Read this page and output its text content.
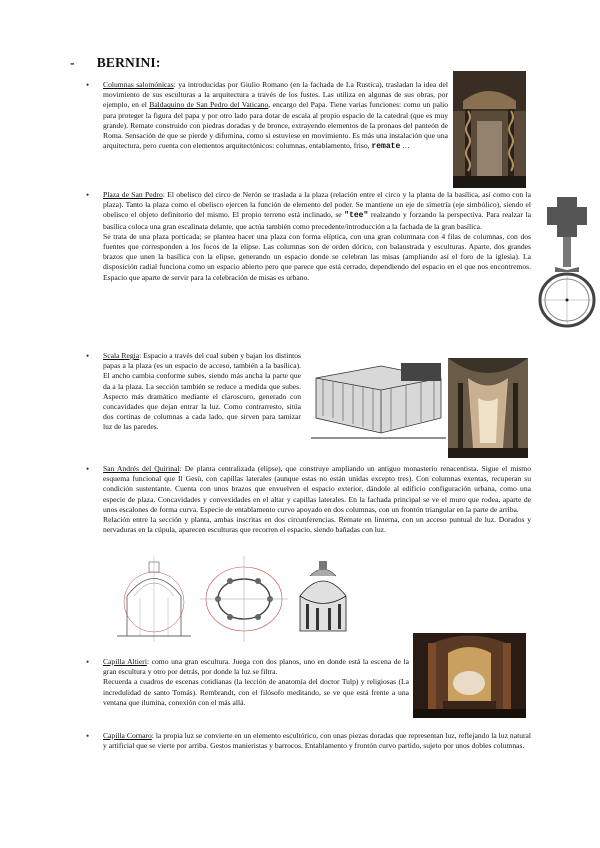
- BERNINI:
• Columnas salomónicas: ya introducidas por Giulio Romano (en la fachada de La Rustica), trasladan la idea del movimiento de sus esculturas a la arquitectura a través de los fustes. Las utiliza en algunas de sus obras, por ejemplo, en el Baldaquino de San Pedro del Vaticano, encargo del Papa. Tiene varias funciones: como un palio para proteger la figura del papa y por otro lado para dotar de escala al propio espacio de la catedral (que es muy grande). Remate construido con piedras doradas y de bronce, extrayendo elementos de la pronaos del panteón de Roma. Sensación de que se pierde y difumina, como si estuviese en movimiento. Es más una instalación que una arquitectura, pero cuenta con elementos arquitectónicos: columnas, entablamento, friso, remate …

• Plaza de San Pedro: El obelisco del circo de Nerón se traslada a la plaza (relación entre el circo y la planta de la basílica, así como con la plaza). Tanto la plaza como el obelisco ejercen la función de elemento del poder. Se mantiene un eje de simetría (eje simbólico), siendo el obelisco el objeto definitorio del mismo. El propio terreno está inclinado, se "tee" realzando y forzando la perspectiva. Para realzar la basílica coloca una gran escalinata delante, que actúa también como precedente/introducción a la fachada de la gran basílica.

Se trata de una plaza porticada; se plantea hacer una plaza con forma elíptica, con una gran columnata con 4 filas de columnas, con dos fuentes que corresponden a los focos de la elipse. Las columnas son de orden dórico, con balaustrada y esculturas. Aparte, dos grandes brazos que unen la basílica con la elipse, generando un espacio donde se celebran las misas (ampliando así el foro de la iglesia). La disposición radial funciona como un espacio abierto pero que parece que está cerrado, dependiendo del espacio en el que nos encontremos. Espacio que aparte de servir para la celebración de misas es urbano.

• Scala Regia: Espacio a través del cual suben y bajan los distintos papas a la plaza (es un espacio de acceso, también a la basílica). El ancho cambia conforme subes, siendo más ancha la parte que da a la plaza. La sección también se reduce a medida que subes. Aspecto más dramático mediante el claroscuro, generado con concavidades que dejan entrar la luz. Como contrarresto, sitúa dos cortinas de columnas a cada lado, que sirven para tamizar luz de las paredes.

• San Andrés del Quirinal: De planta centralizada (elipse), que construye ampliando un antiguo monasterio renacentista. Sigue el mismo esquema funcional que Il Gesù, con capillas laterales (aunque estas no están unidas excepto tres). Con columnas exentas, recuperan su condición sustentante. Cuenta con unos brazos que envuelven el espacio exterior, dándole al edificio configuración urbana, como una especie de plaza. Concavidades y convexidades en el altar y capillas laterales. En la fachada principal se ve el muro que rodea, aparte de unos escalones de forma curva. Especie de entablamento curvo apoyado en dos columnas, con un frontón triangular en la parte de arriba.

Relación entre la sección y planta, ambas inscritas en dos circunferencias. Remate en linterna, con un acceso puntual de luz. Dorados y nervaduras en la cúpula, aparecen esculturas que recorren el espacio, siendo bañadas con luz.

• Capilla Altieri: como una gran escultura. Juega con dos planos, uno en donde está la escena de la gran escultura y otro por detrás, por donde la luz se filtra.

Recuerda a cuadros de escenas cotidianas (la lección de anatomía del doctor Tulp) y religiosas (La incredulidad de santo Tomás). Rembrandt, con el filósofo meditando, se ve que está frente a una ventana que ilumina, conexión con el más allá.

• Capilla Cornaro: la propia luz se convierte en un elemento escultórico, con unas piezas doradas que representan luz, reflejando la luz natural y artificial que se vierte por arriba. Gestos manieristas y barrocos. Entablamento y frontón curvo partido, sujeto por unos dobles columnas.
